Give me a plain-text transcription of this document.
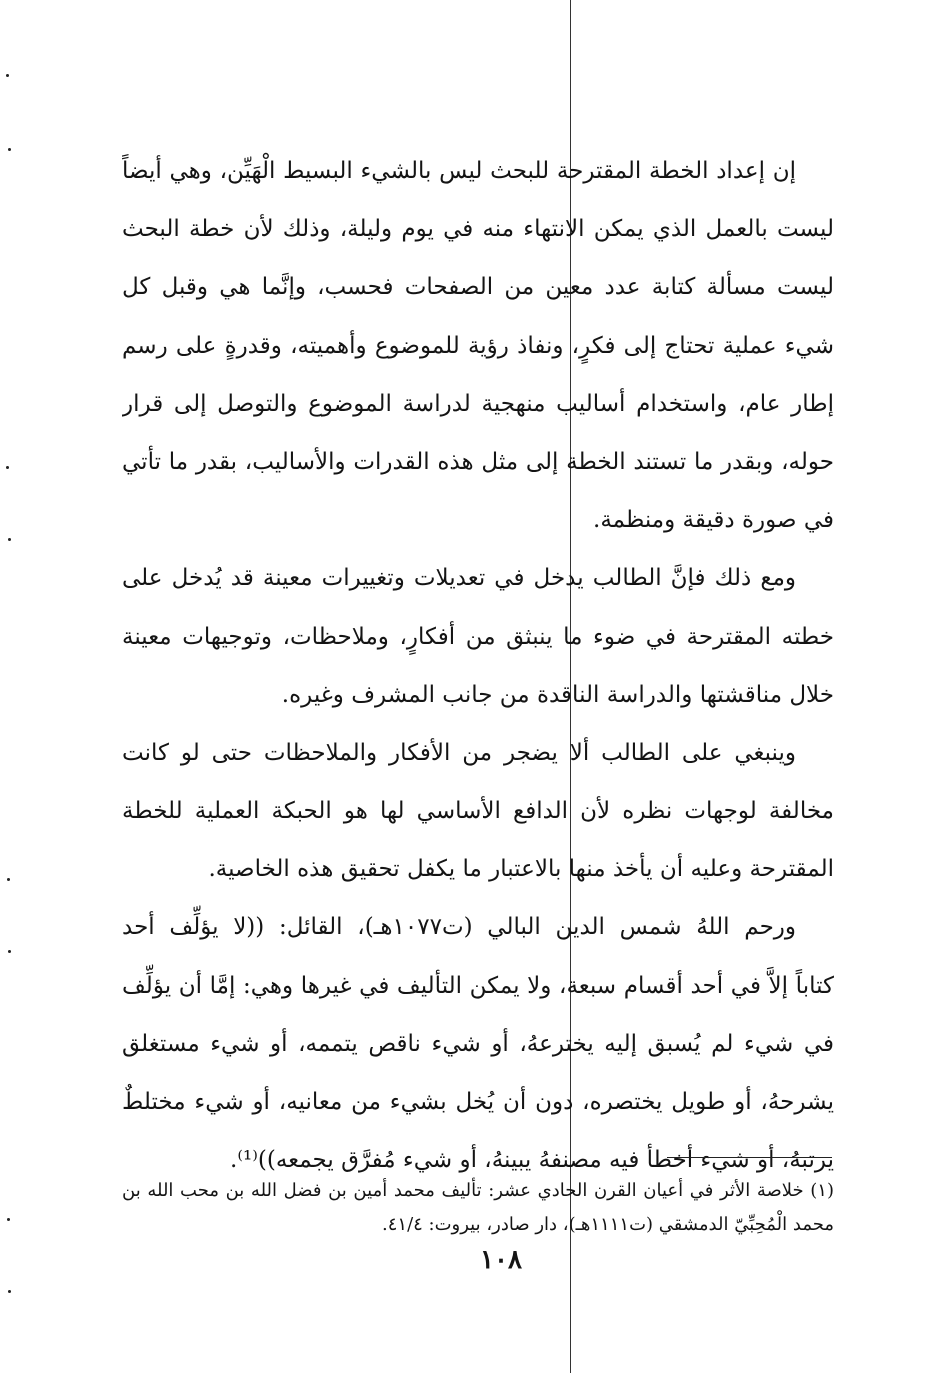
إن إعداد الخطة المقترحة للبحث ليس بالشيء البسيط الْهَيِّن، وهي أيضاً
ليست بالعمل الذي يمكن الانتهاء منه في يوم وليلة، وذلك لأن خطة البحث
ليست مسألة كتابة عدد معين من الصفحات فحسب، وإنَّما هي وقبل كل
شيء عملية تحتاج إلى فكرٍ، ونفاذ رؤية للموضوع وأهميته، وقدرةٍ على رسم
إطار عام، واستخدام أساليب منهجية لدراسة الموضوع والتوصل إلى قرار
حوله، وبقدر ما تستند الخطة إلى مثل هذه القدرات والأساليب، بقدر ما تأتي
في صورة دقيقة ومنظمة.
ومع ذلك فإنَّ الطالب يدخل في تعديلات وتغييرات معينة قد يُدخل على
خطته المقترحة في ضوء ما ينبثق من أفكارٍ، وملاحظات، وتوجيهات معينة
خلال مناقشتها والدراسة الناقدة من جانب المشرف وغيره.
وينبغي على الطالب ألا يضجر من الأفكار والملاحظات حتى لو كانت
مخالفة لوجهات نظره لأن الدافع الأساسي لها هو الحبكة العملية للخطة
المقترحة وعليه أن يأخذ منها بالاعتبار ما يكفل تحقيق هذه الخاصية.
ورحم اللهُ شمس الدين البالي (ت١٠٧٧هـ)، القائل: ((لا يؤلِّف أحد
كتاباً إلاَّ في أحد أقسام سبعة، ولا يمكن التأليف في غيرها وهي: إمَّا أن يؤلِّف
في شيء لم يُسبق إليه يخترعهُ، أو شيء ناقص يتممه، أو شيء مستغلق
يشرحهُ، أو طويل يختصره، دون أن يُخل بشيء من معانيه، أو شيء مختلطٌ
يرتبهُ، أو شيء أخطأ فيه مصنفهُ يبينهُ، أو شيء مُفرَّق يجمعه))⁽¹⁾.
(١) خلاصة الأثر في أعيان القرن الحادي عشر: تأليف محمد أمين بن فضل الله بن محب الله بن
محمد الْمُحِبِّيّ الدمشقي (ت١١١١هـ)، دار صادر، بيروت: ٤١/٤.
١٠٨
